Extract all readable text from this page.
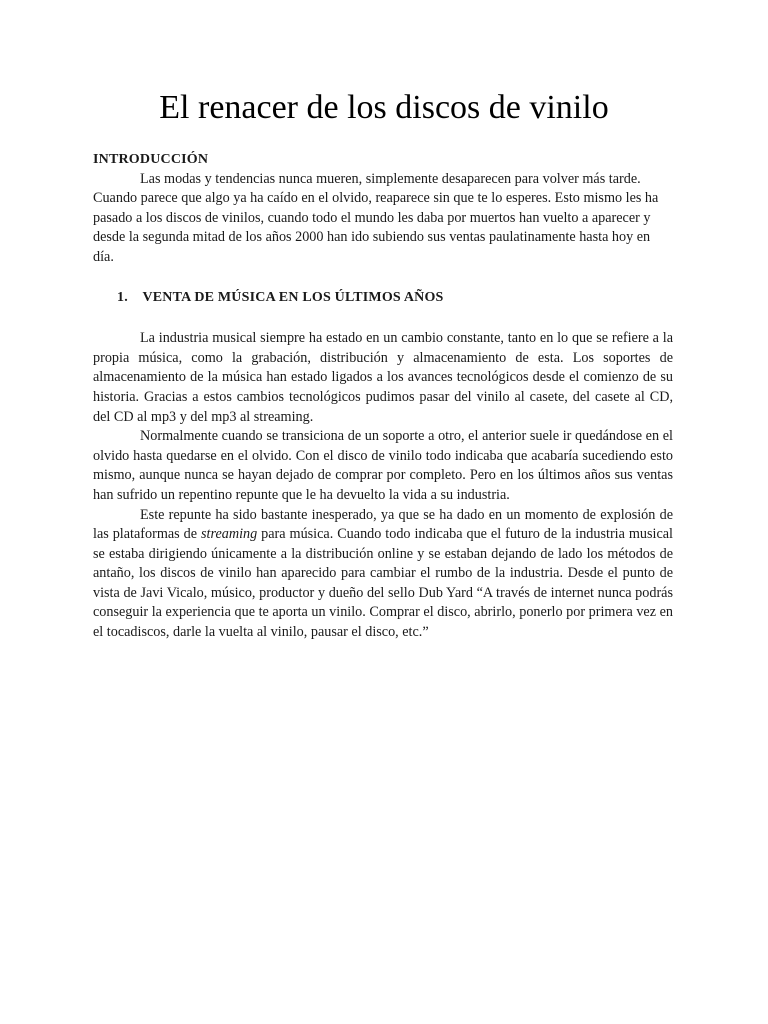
El renacer de los discos de vinilo
INTRODUCCIÓN

Las modas y tendencias nunca mueren, simplemente desaparecen para volver más tarde. Cuando parece que algo ya ha caído en el olvido, reaparece sin que te lo esperes. Esto mismo les ha pasado a los discos de vinilos, cuando todo el mundo les daba por muertos han vuelto a aparecer y desde la segunda mitad de los años 2000 han ido subiendo sus ventas paulatinamente hasta hoy en día.

1. VENTA DE MÚSICA EN LOS ÚLTIMOS AÑOS

La industria musical siempre ha estado en un cambio constante, tanto en lo que se refiere a la propia música, como la grabación, distribución y almacenamiento de esta. Los soportes de almacenamiento de la música han estado ligados a los avances tecnológicos desde el comienzo de su historia. Gracias a estos cambios tecnológicos pudimos pasar del vinilo al casete, del casete al CD, del CD al mp3 y del mp3 al streaming.

Normalmente cuando se transiciona de un soporte a otro, el anterior suele ir quedándose en el olvido hasta quedarse en el olvido. Con el disco de vinilo todo indicaba que acabaría sucediendo esto mismo, aunque nunca se hayan dejado de comprar por completo. Pero en los últimos años sus ventas han sufrido un repentino repunte que le ha devuelto la vida a su industria.

Este repunte ha sido bastante inesperado, ya que se ha dado en un momento de explosión de las plataformas de streaming para música. Cuando todo indicaba que el futuro de la industria musical se estaba dirigiendo únicamente a la distribución online y se estaban dejando de lado los métodos de antaño, los discos de vinilo han aparecido para cambiar el rumbo de la industria. Desde el punto de vista de Javi Vicalo, músico, productor y dueño del sello Dub Yard “A través de internet nunca podrás conseguir la experiencia que te aporta un vinilo. Comprar el disco, abrirlo, ponerlo por primera vez en el tocadiscos, darle la vuelta al vinilo, pausar el disco, etc.”
